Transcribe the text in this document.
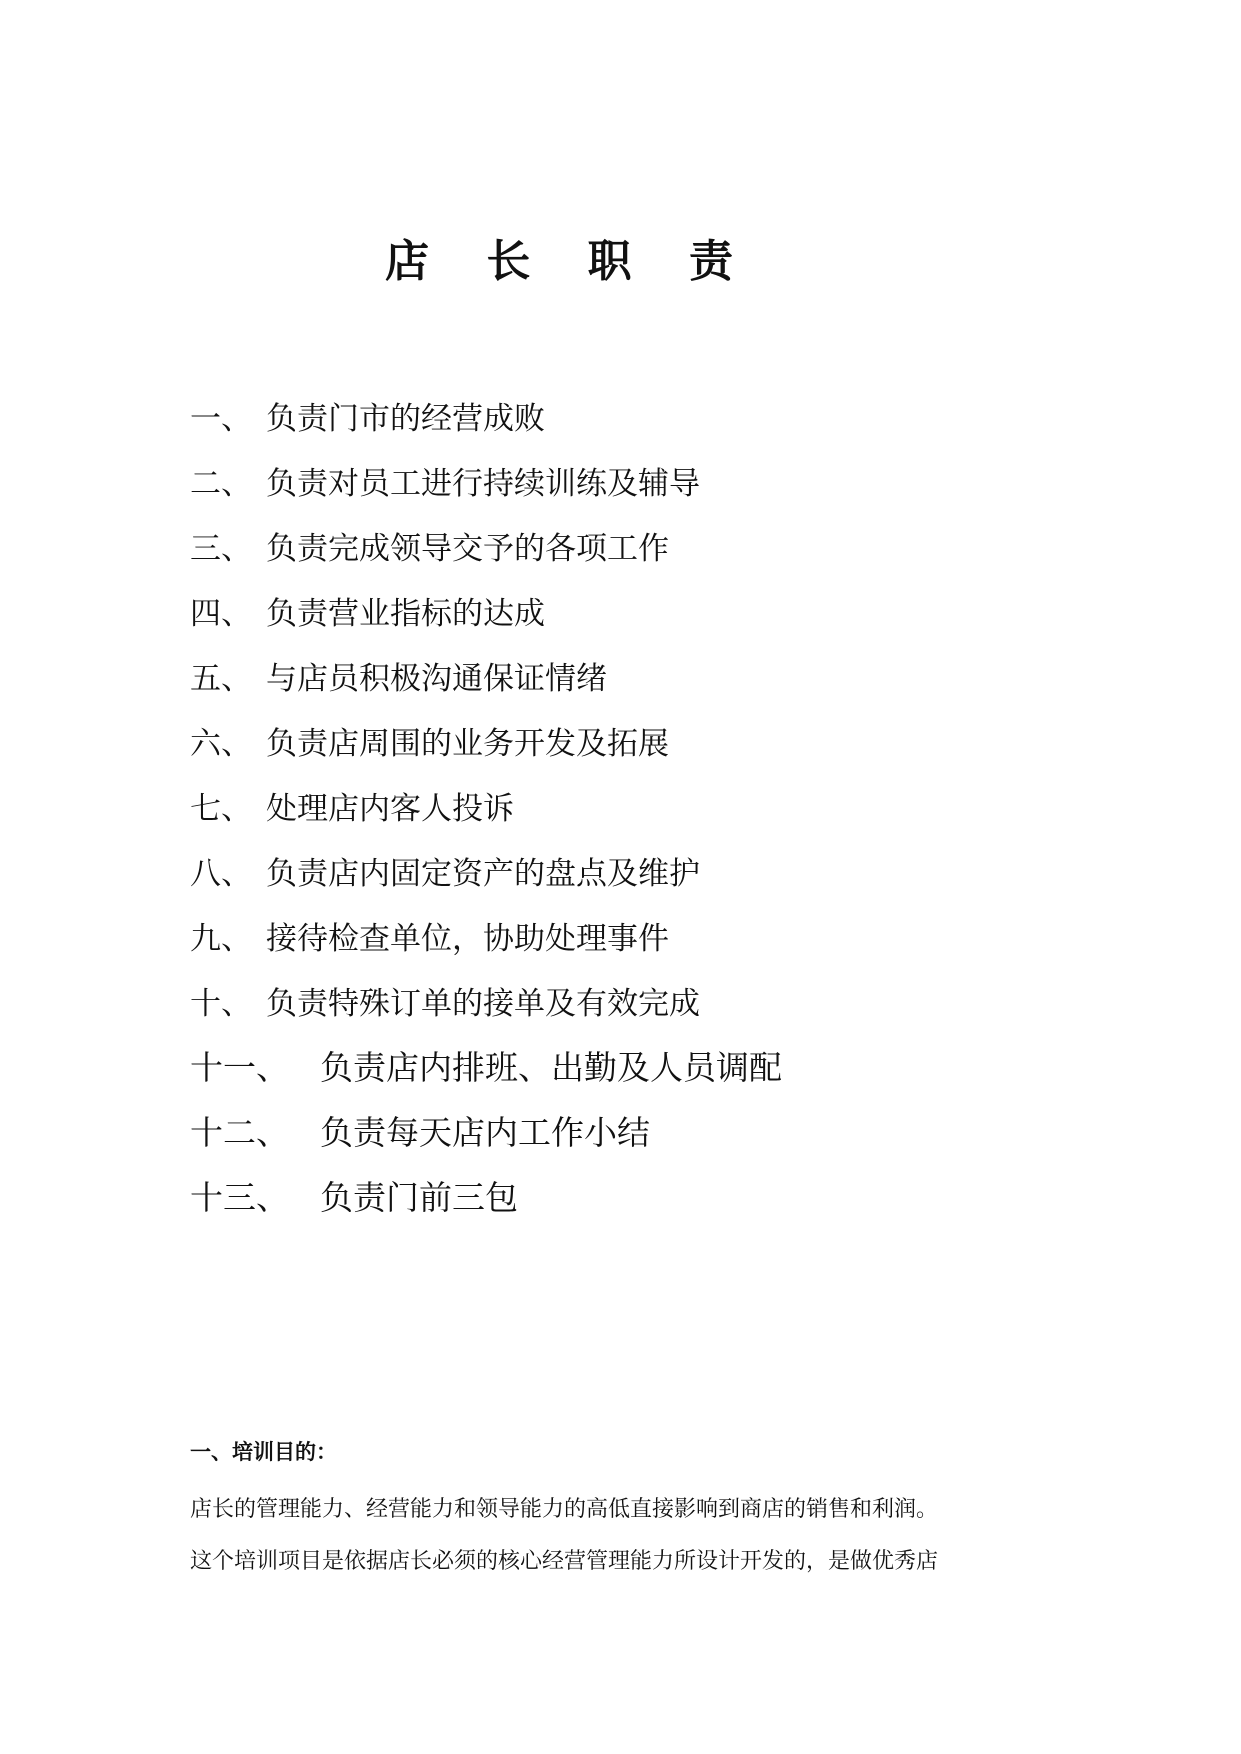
店 长 职 责
一、 负责门市的经营成败
二、 负责对员工进行持续训练及辅导
三、 负责完成领导交予的各项工作
四、 负责营业指标的达成
五、 与店员积极沟通保证情绪
六、 负责店周围的业务开发及拓展
七、 处理店内客人投诉
八、 负责店内固定资产的盘点及维护
九、 接待检查单位，协助处理事件
十、 负责特殊订单的接单及有效完成
十一、 负责店内排班、出勤及人员调配
十二、 负责每天店内工作小结
十三、 负责门前三包

一、培训目的：

店长的管理能力、经营能力和领导能力的高低直接影响到商店的销售和利润。

这个培训项目是依据店长必须的核心经营管理能力所设计开发的，是做优秀店
